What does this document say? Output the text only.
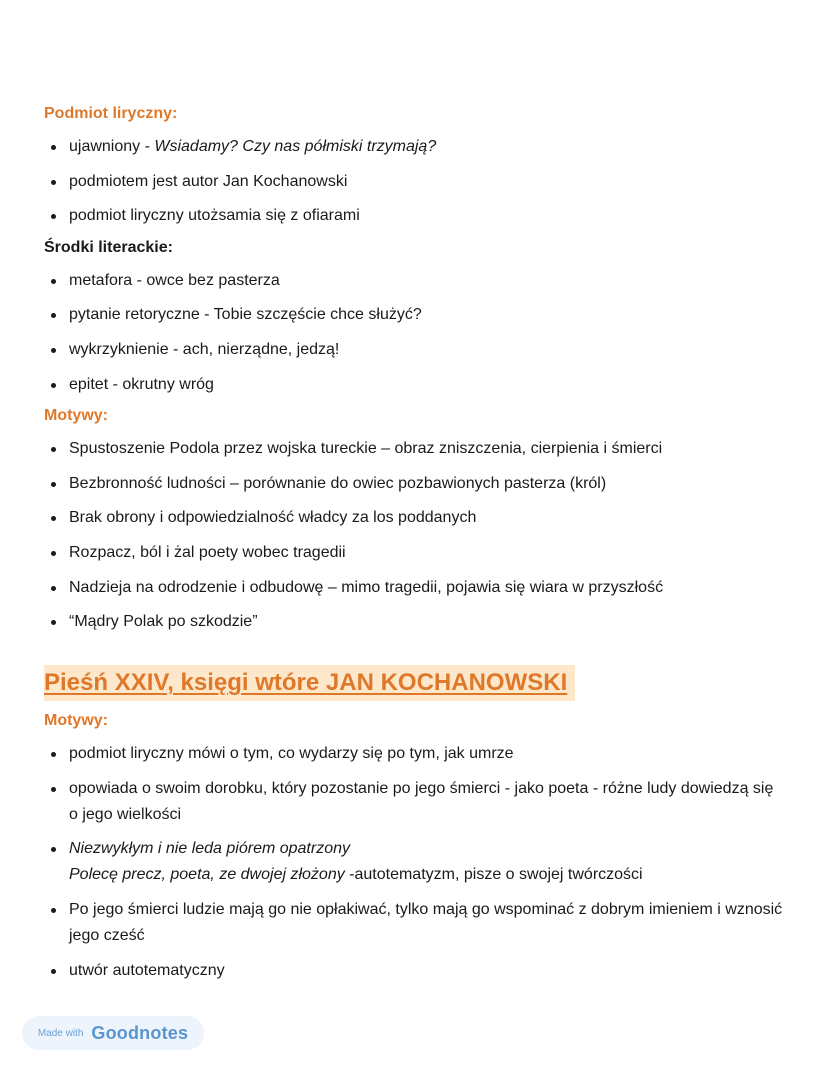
Podmiot liryczny:
ujawniony - Wsiadamy? Czy nas półmiski trzymają?
podmiotem jest autor Jan Kochanowski
podmiot liryczny utożsamia się z ofiarami
Środki literackie:
metafora - owce bez pasterza
pytanie retoryczne - Tobie szczęście chce służyć?
wykrzyknienie - ach, nierządne, jedzą!
epitet - okrutny wróg
Motywy:
Spustoszenie Podola przez wojska tureckie – obraz zniszczenia, cierpienia i śmierci
Bezbronność ludności – porównanie do owiec pozbawionych pasterza (król)
Brak obrony i odpowiedzialność władcy za los poddanych
Rozpacz, ból i żal poety wobec tragedii
Nadzieja na odrodzenie i odbudowę – mimo tragedii, pojawia się wiara w przyszłość
“Mądry Polak po szkodzie”
Pieśń XXIV, księgi wtóre JAN KOCHANOWSKI
Motywy:
podmiot liryczny mówi o tym, co wydarzy się po tym, jak umrze
opowiada o swoim dorobku, który pozostanie po jego śmierci - jako poeta - różne ludy dowiedzą się o jego wielkości
Niezwykłym i nie leda piórem opatrzony
Polecę precz, poeta, ze dwojej złożony -autotematyzm, pisze o swojej twórczości
Po jego śmierci ludzie mają go nie opłakiwać, tylko mają go wspominać z dobrym imieniem i wznosić jego cześć
utwór autotematyczny
Made with Goodnotes
